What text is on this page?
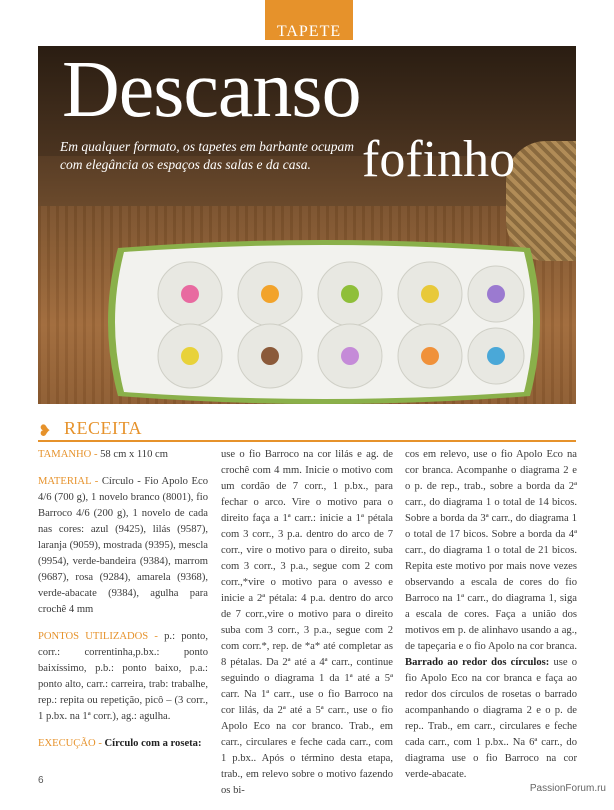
TAPETE
Descanso
fofinho
Em qualquer formato, os tapetes em barbante ocupam com elegância os espaços das salas e da casa.
❥ RECEITA

TAMANHO - 58 cm x 110 cm

MATERIAL - Círculo - Fio Apolo Eco 4/6 (700 g), 1 novelo branco (8001), fio Barroco 4/6 (200 g), 1 novelo de cada nas cores: azul (9425), lilás (9587), laranja (9059), mostrada (9395), mescla (9954), verde-bandeira (9384), marrom (9687), rosa (9284), amarela (9368), verde-abacate (9384), agulha para crochê 4 mm

PONTOS UTILIZADOS - p.: ponto, corr.: correntinha,p.bx.: ponto baixíssimo, p.b.: ponto baixo, p.a.: ponto alto, carr.: carreira, trab: trabalhe, rep.: repita ou repetição, picô – (3 corr., 1 p.bx. na 1ª corr.), ag.: agulha.

EXECUÇÃO - Círculo com a roseta:

use o fio Barroco na cor lilás e ag. de crochê com 4 mm. Inicie o motivo com um cordão de 7 corr., 1 p.bx., para fechar o arco. Vire o motivo para o direito faça a 1ª carr.: inicie a 1ª pétala com 3 corr., 3 p.a. dentro do arco de 7 corr., vire o motivo para o direito, suba com 3 corr., 3 p.a., segue com 2 com corr.,*vire o motivo para o avesso e inicie a 2ª pétala: 4 p.a. dentro do arco de 7 corr.,vire o motivo para o direito suba com 3 corr., 3 p.a., segue com 2 com corr.*, rep. de *a* até completar as 8 pétalas. Da 2ª até a 4ª carr., continue seguindo o diagrama 1 da 1ª até a 5ª carr. Na 1ª carr., use o fio Barroco na cor lilás, da 2ª até a 5ª carr., use o fio Apolo Eco na cor branco. Trab., em carr., circulares e feche cada carr., com 1 p.bx.. Após o término desta etapa, trab., em relevo sobre o motivo fazendo os bi-

cos em relevo, use o fio Apolo Eco na cor branca. Acompanhe o diagrama 2 e o p. de rep., trab., sobre a borda da 2ª carr., do diagrama 1 o total de 14 bicos. Sobre a borda da 3ª carr., do diagrama 1 o total de 17 bicos. Sobre a borda da 4ª carr., do diagrama 1 o total de 21 bicos. Repita este motivo por mais nove vezes observando a escala de cores do fio Barroco na 1ª carr., do diagrama 1, siga a escala de cores. Faça a união dos motivos em p. de alinhavo usando a ag., de tapeçaria e o fio Apolo na cor branca. Barrado ao redor dos círculos: use o fio Apolo Eco na cor branca e faça ao redor dos círculos de rosetas o barrado acompanhando o diagrama 2 e o p. de rep.. Trab., em carr., circulares e feche cada carr., com 1 p.bx.. Na 6ª carr., do diagrama use o fio Barroco na cor verde-abacate.

6
PassionForum.ru
